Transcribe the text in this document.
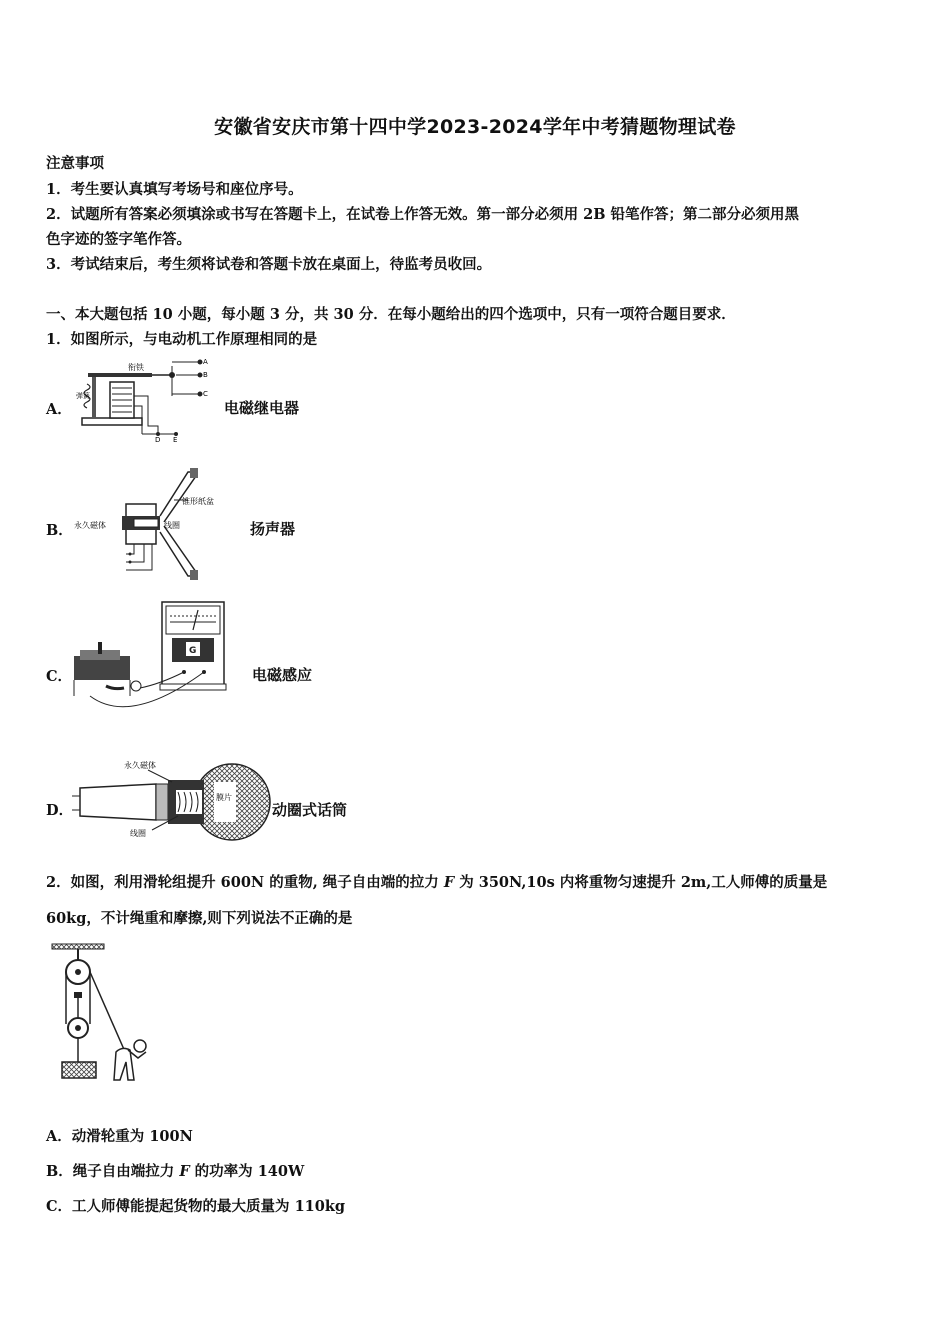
安徽省安庆市第十四中学2023-2024学年中考猜题物理试卷
注意事项
1．考生要认真填写考场号和座位序号。
2．试题所有答案必须填涂或书写在答题卡上，在试卷上作答无效。第一部分必须用 2B 铅笔作答；第二部分必须用黑
色字迹的签字笔作答。
3．考试结束后，考生须将试卷和答题卡放在桌面上，待监考员收回。
一、本大题包括 10 小题，每小题 3 分，共 30 分．在每小题给出的四个选项中，只有一项符合题目要求．
1．如图所示，与电动机工作原理相同的是
A．
衔铁
弹簧
A
B
C
D E
电磁继电器
B． 永久磁体
锥形纸盆
线圈	扬声器
C．
G
电磁感应
D．
膜片
永久磁体
线圈
动圈式话筒
2．如图，利用滑轮组提升 600N 的重物, 绳子自由端的拉力 F 为 350N,10s 内将重物匀速提升 2m,工人师傅的质量是
60kg，不计绳重和摩擦,则下列说法不正确的是
A．动滑轮重为 100N
B．绳子自由端拉力 F 的功率为 140W
C．工人师傅能提起货物的最大质量为 110kg
